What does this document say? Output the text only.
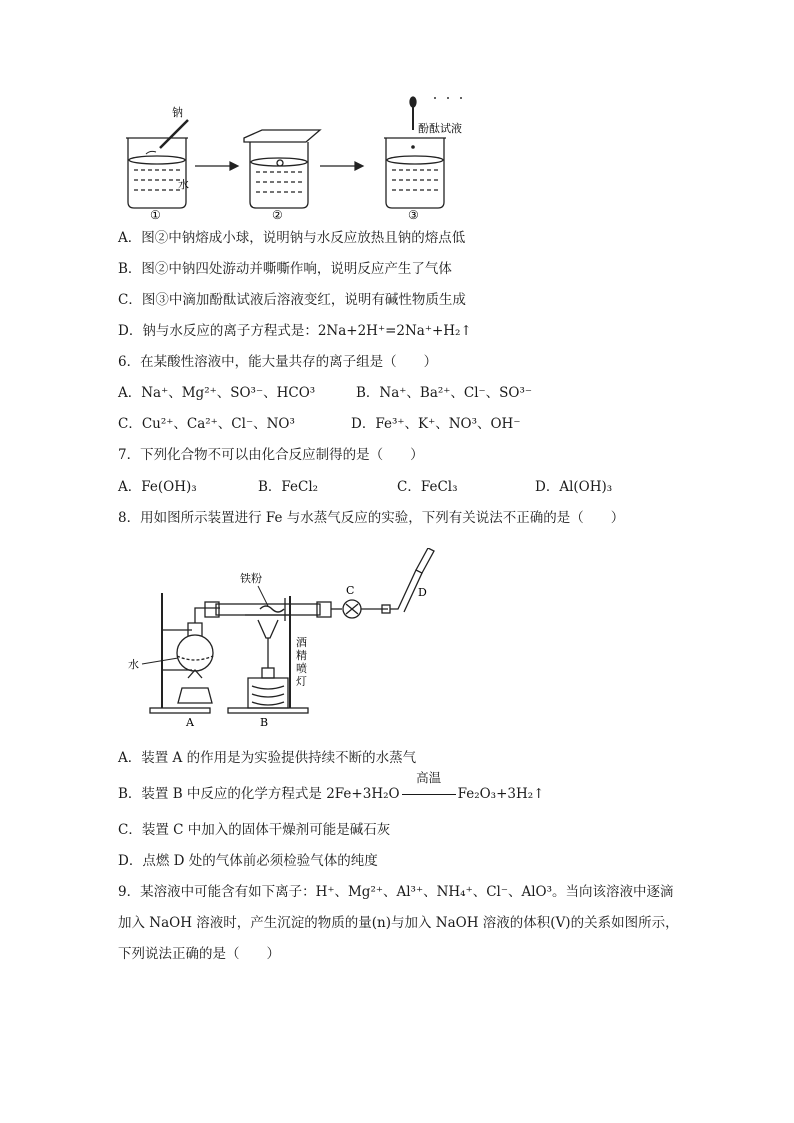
钠
水
①	②
酚酞试液
③
A．图②中钠熔成小球，说明钠与水反应放热且钠的熔点低
B．图②中钠四处游动并嘶嘶作响，说明反应产生了气体
C．图③中滴加酚酞试液后溶液变红，说明有碱性物质生成
D．钠与水反应的离子方程式是：2Na+2H⁺=2Na⁺+H₂↑
6．在某酸性溶液中，能大量共存的离子组是（　　）
A．Na⁺、Mg²⁺、SO³⁻、HCO³	B．Na⁺、Ba²⁺、Cl⁻、SO³⁻
C．Cu²⁺、Ca²⁺、Cl⁻、NO³	D．Fe³⁺、K⁺、NO³、OH⁻
7．下列化合物不可以由化合反应制得的是（　　）
A．Fe(OH)₃	B．FeCl₂	C．FeCl₃	D．Al(OH)₃
8．用如图所示装置进行 Fe 与水蒸气反应的实验，下列有关说法不正确的是（　　）
铁粉
水
酒
精
喷
灯
A	B
C	D
A．装置 A 的作用是为实验提供持续不断的水蒸气
B．装置 B 中反应的化学方程式是 2Fe+3H₂O
高温
Fe₂O₃+3H₂↑
C．装置 C 中加入的固体干燥剂可能是碱石灰
D．点燃 D 处的气体前必须检验气体的纯度
9．某溶液中可能含有如下离子：H⁺、Mg²⁺、Al³⁺、NH₄⁺、Cl⁻、AlO³。当向该溶液中逐滴
加入 NaOH 溶液时，产生沉淀的物质的量(n)与加入 NaOH 溶液的体积(V)的关系如图所示，
下列说法正确的是（　　）
